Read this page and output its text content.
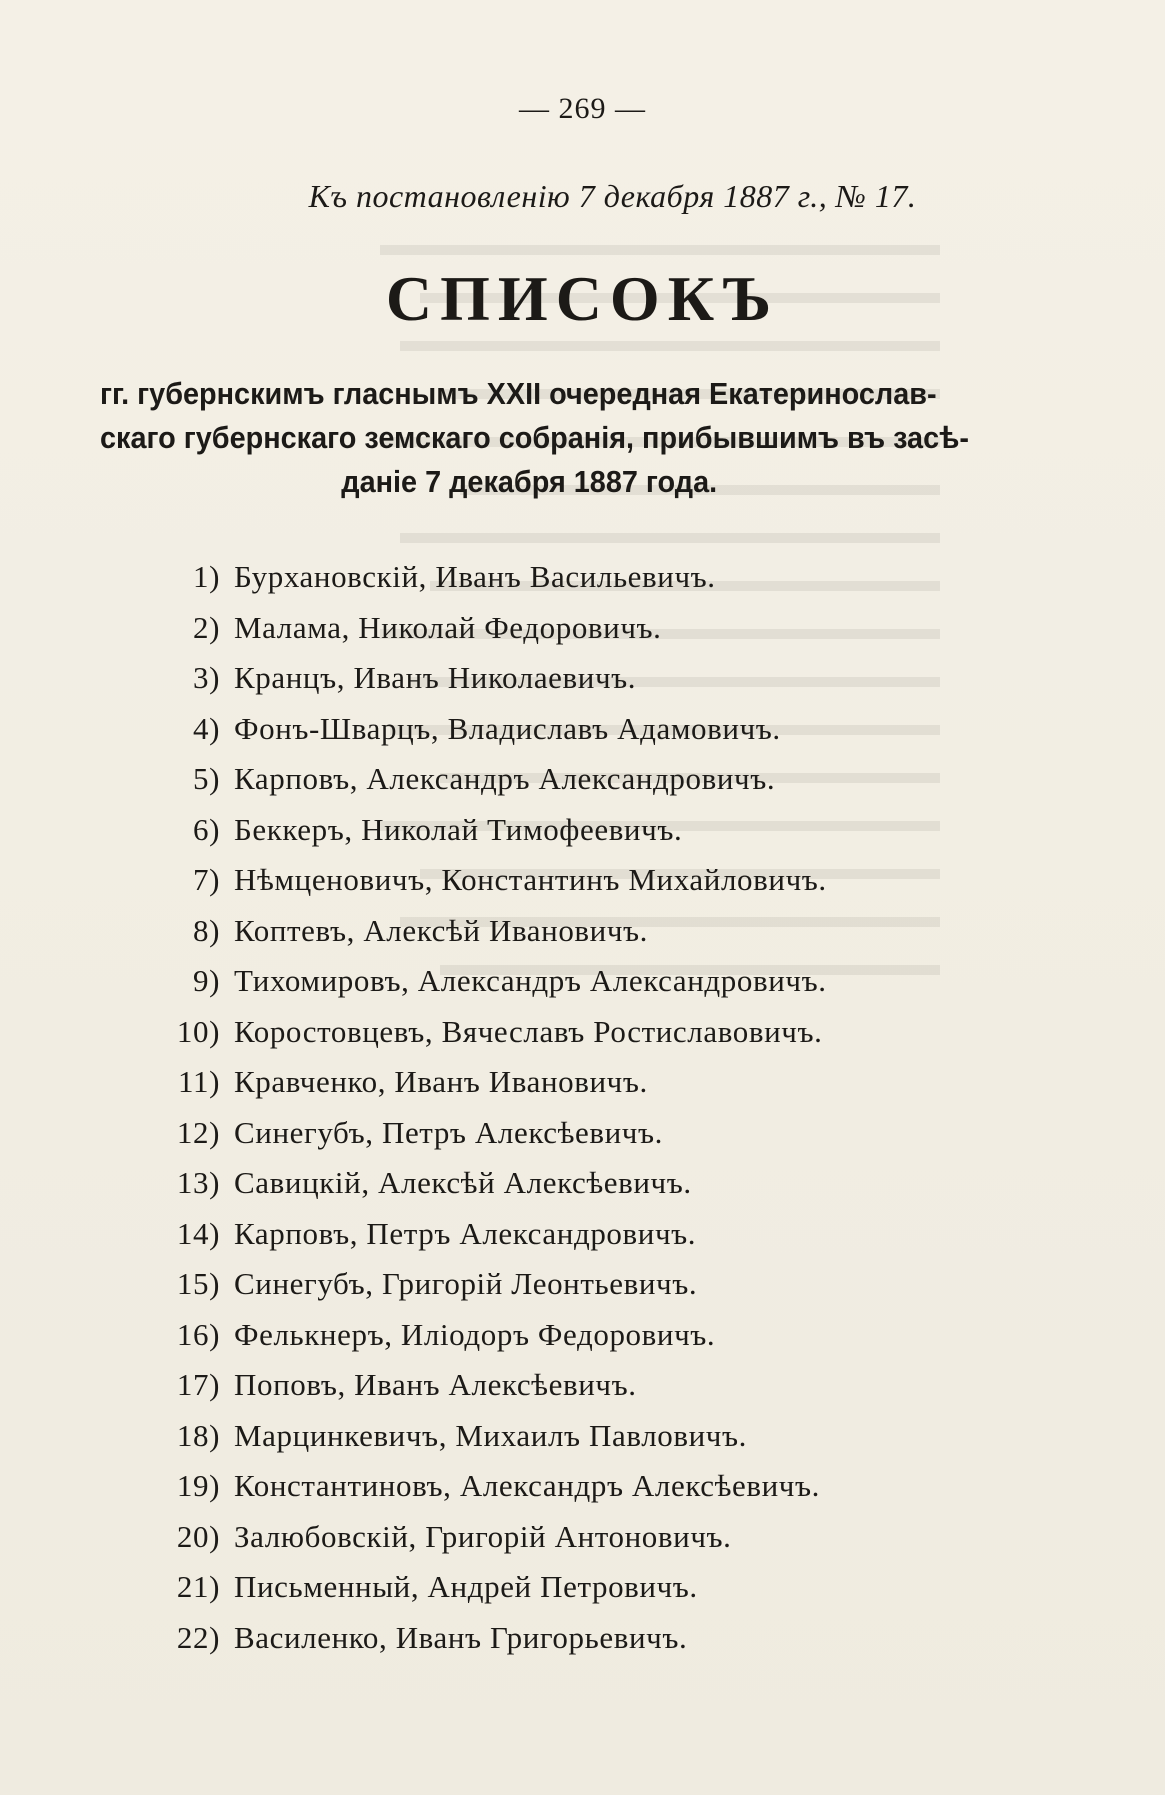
— 269 —
Къ постановленію 7 декабря 1887 г., № 17.
СПИСОКЪ
гг. губернскимъ гласнымъ XXII очередная Екатеринослав-
скаго губернскаго земскаго собранія, прибывшимъ въ засѣ-
даніе 7 декабря 1887 года.
1) Бурхановскій, Иванъ Васильевичъ.
2) Малама, Николай Федоровичъ.
3) Кранцъ, Иванъ Николаевичъ.
4) Фонъ-Шварцъ, Владиславъ Адамовичъ.
5) Карповъ, Александръ Александровичъ.
6) Беккеръ, Николай Тимофеевичъ.
7) Нѣмценовичъ, Константинъ Михайловичъ.
8) Коптевъ, Алексѣй Ивановичъ.
9) Тихомировъ, Александръ Александровичъ.
10) Коростовцевъ, Вячеславъ Ростиславовичъ.
11) Кравченко, Иванъ Ивановичъ.
12) Синегубъ, Петръ Алексѣевичъ.
13) Савицкій, Алексѣй Алексѣевичъ.
14) Карповъ, Петръ Александровичъ.
15) Синегубъ, Григорій Леонтьевичъ.
16) Фелькнеръ, Иліодоръ Федоровичъ.
17) Поповъ, Иванъ Алексѣевичъ.
18) Марцинкевичъ, Михаилъ Павловичъ.
19) Константиновъ, Александръ Алексѣевичъ.
20) Залюбовскій, Григорій Антоновичъ.
21) Письменный, Андрей Петровичъ.
22) Василенко, Иванъ Григорьевичъ.
